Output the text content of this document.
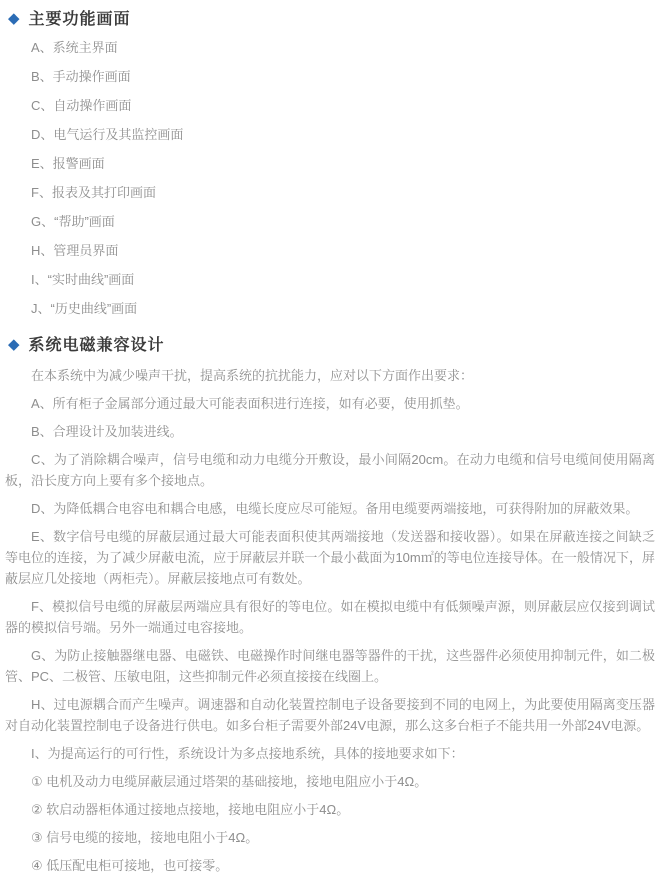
◆ 主要功能画面
A、系统主界面
B、手动操作画面
C、自动操作画面
D、电气运行及其监控画面
E、报警画面
F、报表及其打印画面
G、“帮助”画面
H、管理员界面
I、“实时曲线”画面
J、“历史曲线”画面
◆ 系统电磁兼容设计

在本系统中为减少噪声干扰，提高系统的抗扰能力，应对以下方面作出要求：

A、所有柜子金属部分通过最大可能表面积进行连接，如有必要，使用抓垫。

B、合理设计及加装进线。

C、为了消除耦合噪声，信号电缆和动力电缆分开敷设，最小间隔20cm。在动力电缆和信号电缆间使用隔离板，沿长度方向上要有多个接地点。

D、为降低耦合电容电和耦合电感，电缆长度应尽可能短。备用电缆要两端接地，可获得附加的屏蔽效果。

E、数字信号电缆的屏蔽层通过最大可能表面积使其两端接地（发送器和接收器）。如果在屏蔽连接之间缺乏等电位的连接，为了减少屏蔽电流，应于屏蔽层并联一个最小截面为10m㎡的等电位连接导体。在一般情况下，屏蔽层应几处接地（两柜壳）。屏蔽层接地点可有数处。

F、模拟信号电缆的屏蔽层两端应具有很好的等电位。如在模拟电缆中有低频噪声源，则屏蔽层应仅接到调试器的模拟信号端。另外一端通过电容接地。

G、为防止接触器继电器、电磁铁、电磁操作时间继电器等器件的干扰，这些器件必须使用抑制元件，如二极管、PC、二极管、压敏电阻，这些抑制元件必须直接接在线圈上。

H、过电源耦合而产生噪声。调速器和自动化装置控制电子设备要接到不同的电网上，为此要使用隔离变压器对自动化装置控制电子设备进行供电。如多台柜子需要外部24V电源，那么这多台柜子不能共用一外部24V电源。

I、为提高运行的可行性，系统设计为多点接地系统，具体的接地要求如下：

① 电机及动力电缆屏蔽层通过塔架的基础接地，接地电阻应小于4Ω。

② 软启动器柜体通过接地点接地，接地电阻应小于4Ω。

③ 信号电缆的接地，接地电阻小于4Ω。

④ 低压配电柜可接地，也可接零。
